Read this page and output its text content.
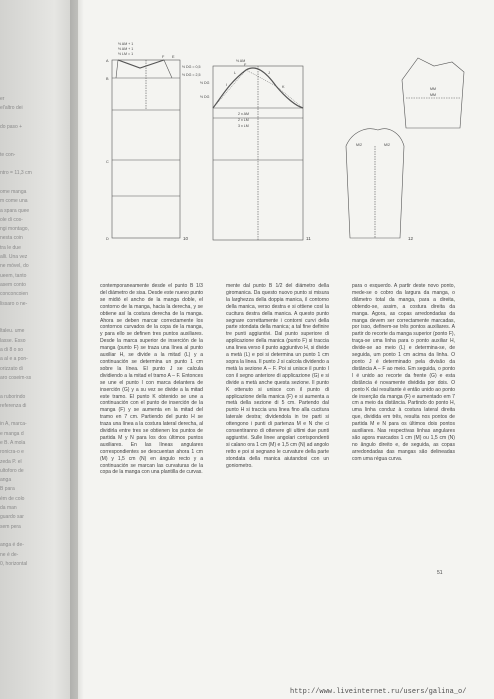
er
el'altro dei
do paso +
te con-
ntro = 11,3 cm
ome manga
m come una
a spara quee
ole di cos-
ngi montago,
nesta coin
tra le due
alli. Una vez
ne móvel, do
ueem, tanto
asem conto
conconcoien
lissaro o ne-
ltaleu. ume
lasse. Esso
a di 8 o so
a al e a pon-
orizzato di
aro coseim-ss
a ruborindo
referenza di
in A, marca-
e manga d
e B. A mola
ronicra-o e
zeda P. el
ultoforo de
anga
B para
ém de colo
da man
guardo sar
sem pera
anga é de-
ne é de-
0, horizontal
½ AM + 1
½ AM + 1
½ LM = 1
½ DG = 0,5
½ DG = 2,5
A
B
C
D
E
F
10
½ AM
½ DG
½ DG
2 x AM
2 x LM
3 x LM
F
I
J
K
L
11
MM
MM
M/2	M/2
12

contemporaneamente desde el punto B 1/3 del diámetro de sisa. Desde este nuevo punto se midió el ancho de la manga doble, el contorno de la manga, hacia la derecha, y se obtiene así la costura derecha de la manga. Ahora se deben marcar correctamente los contornos curvados de la copa de la manga, y para ello se definen tres puntos auxiliares. Desde la marca superior de inserción de la manga (punto F) se traza una línea al punto auxiliar H, se divide a la mitad (L) y a continuación se determina un punto 1 cm sobre la línea. El punto J se calcula dividiendo a la mitad el tramo A – F. Entonces se une el punto I con marca delantera de inserción (G) y a su vez se divide a la mitad este tramo. El punto K obtenido se une a continuación con el punto de inserción de la manga (F) y se aumenta en la mitad del tramo en 7 cm. Partiendo del punto H se traza una línea a la costura lateral derecha, al dividirla entre tres se obtienen los puntos de partida M y N para los dos últimos puntos auxiliares. En las líneas angulares correspondientes se descuentan ahora 1 cm (M) y 1,5 cm (N) en ángulo recto y a continuación se marcan las curvaturas de la copa de la manga con una plantilla de curvas.

mente dal punto B 1/2 del diámetro della giromanica. Da questo nuovo punto si misura la larghezza della doppia manica, il contorno della manica, verso destra e si ottiene così la cucitura destra della manica. A questo punto segnare correttamente i contorni curvi della parte stondata della manica; a tal fine definire tre punti aggiuntivi. Dal punto superiore di applicazione della manica (punto F) si traccia una linea verso il punto aggiuntivo H, si divide a metà (L) e poi si determina un punto 1 cm sopra la linea. Il punto J si calcola dividendo a metà la sezione A – F. Poi si unisce il punto I con il segno anteriore di applicazione (G) e si divide a metà anche questa sezione. Il punto K ottenuto si unisce con il punto di applicazione della manica (F) e si aumenta a metà della sezione di 5 cm. Partendo dal punto H si traccia una linea fino alla cucitura laterale destra; dividendola in tre parti si ottengono i punti di partenza M e N che ci consentiranno di ottenere gli ultimi due punti aggiuntivi. Sulle linee angolari corrispondenti si calano ora 1 cm (M) e 1,5 cm (N) ad angolo retto e poi si segnano le curvature della parte stondata della manica aiutandosi con un goniometro.

para o esquerdo. A partir deste novo ponto, mede-se o cobro da largura da manga, o diâmetro total da manga, para a direita, obtendo-se, assim, a costura direita da manga. Agora, as copas arredondadas da manga devem ser correctamente marcadas, por isso, definem-se três pontos auxiliares. A partir do recorte da manga superior (ponto F), traça-se uma linha para o ponto auxiliar H, divide-se ao meio (L) e determina-se, de seguida, um ponto 1 cm acima da linha. O ponto J é determinado pela divisão da distância A – F ao meio. Em seguida, o ponto I é unido ao recorte da frente (G) e esta distância é novamente dividida por dois. O ponto K daí resultante é então unido ao ponto de inserção da manga (F) e aumentado em 7 cm a meio da distância. Partindo do ponto H, uma linha conduz à costura lateral direita que, dividida em três, resulta nos pontos de partida M e N para os últimos dois pontos auxiliares. Nas respectivas linhas angulares são agora marcados 1 cm (M) ou 1,5 cm (N) no ângulo direito e, de seguida, as copas arredondadas das mangas são delineadas com uma régua curva.

51
http://www.liveinternet.ru/users/galina_o/
